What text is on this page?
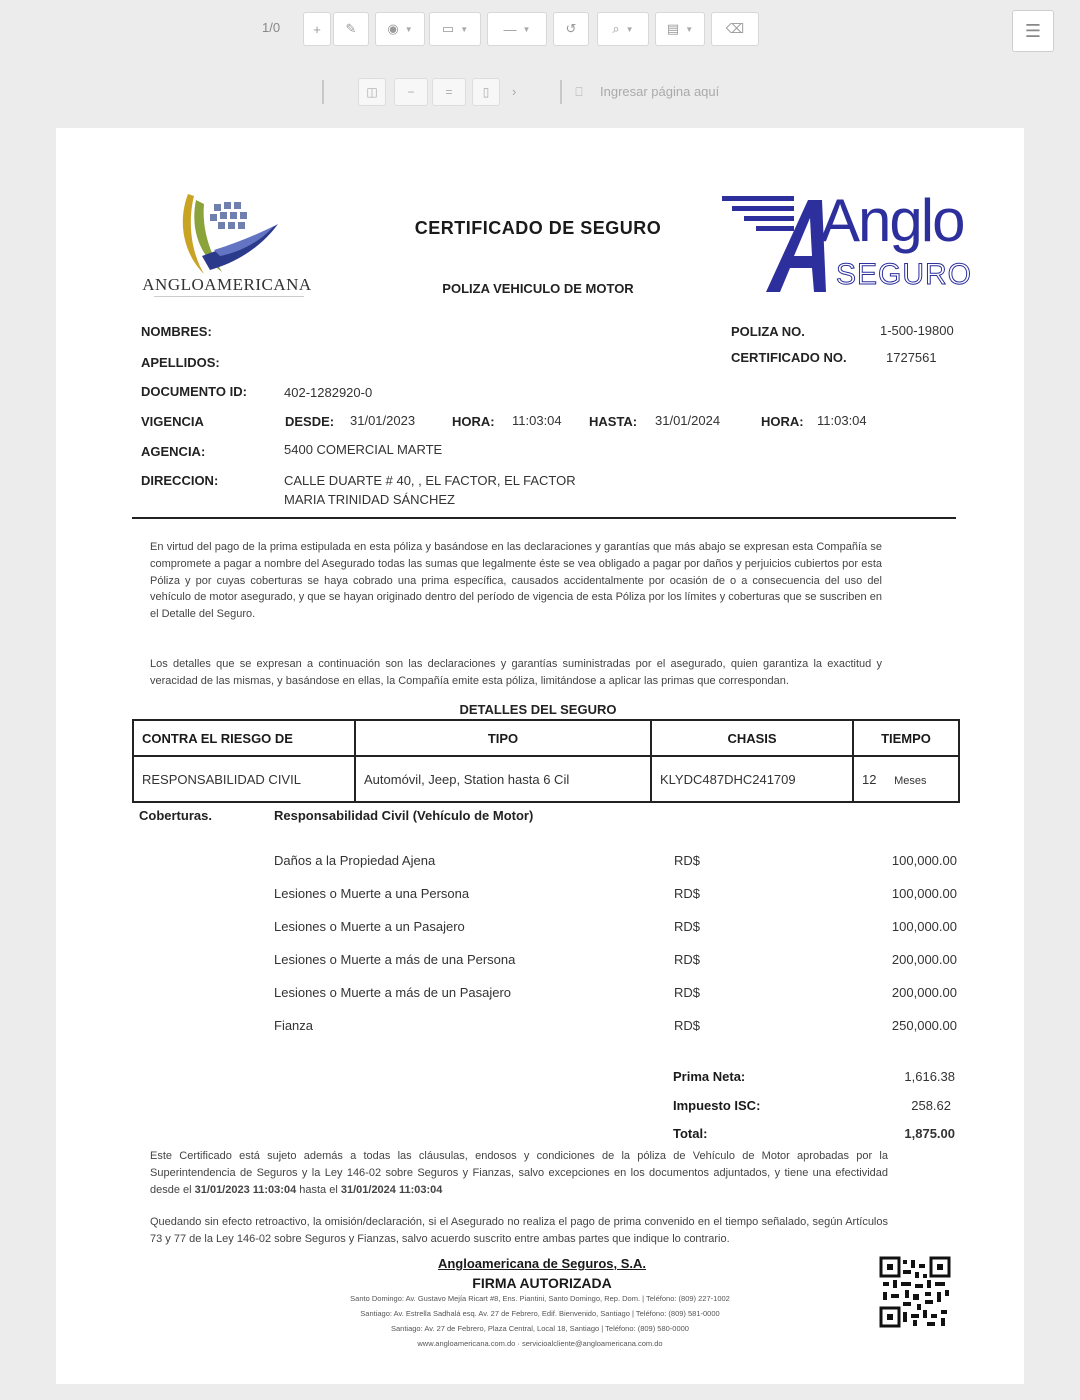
1/0	+ ✎ ◉ ▼ ▭ ▼	— ▼	↺	⌕ ▼	▤ ▼	⌫	☰
◫ −	=	▯ ›	⎕	Ingresar página aquí
ANGLOAMERICANA
CERTIFICADO DE SEGURO
POLIZA VEHICULO DE MOTOR
Anglo
SEGURO
NOMBRES:
APELLIDOS:
DOCUMENTO ID:	402-1282920-0
VIGENCIA	DESDE: 31/01/2023	HORA: 11:03:04 HASTA: 31/01/2024	HORA: 11:03:04
AGENCIA:	5400 COMERCIAL MARTE
DIRECCION:	CALLE DUARTE # 40, , EL FACTOR, EL FACTOR
MARIA TRINIDAD SÁNCHEZ
POLIZA NO.	1-500-19800
CERTIFICADO NO.	1727561
En virtud del pago de la prima estipulada en esta póliza y basándose en las declaraciones y garantías que más abajo se expresan esta Compañía se compromete a pagar a nombre del Asegurado todas las sumas que legalmente éste se vea obligado a pagar por daños y perjuicios cubiertos por esta Póliza y por cuyas coberturas se haya cobrado una prima específica, causados accidentalmente por ocasión de o a consecuencia del uso del vehículo de motor asegurado, y que se hayan originado dentro del período de vigencia de esta Póliza por los límites y coberturas que se suscriben en el Detalle del Seguro.
Los detalles que se expresan a continuación son las declaraciones y garantías suministradas por el asegurado, quien garantiza la exactitud y veracidad de las mismas, y basándose en ellas, la Compañía emite esta póliza, limitándose a aplicar las primas que correspondan.
DETALLES DEL SEGURO
CONTRA EL RIESGO DE	TIPO	CHASIS	TIEMPO
RESPONSABILIDAD CIVIL	Automóvil, Jeep, Station hasta 6 Cil	KLYDC487DHC241709	12 Meses
Coberturas.	Responsabilidad Civil (Vehículo de Motor)
Daños a la Propiedad Ajena	RD$	100,000.00
Lesiones o Muerte a una Persona	RD$	100,000.00
Lesiones o Muerte a un Pasajero	RD$	100,000.00
Lesiones o Muerte a más de una Persona	RD$	200,000.00
Lesiones o Muerte a más de un Pasajero	RD$	200,000.00
Fianza	RD$	250,000.00
Prima Neta:	1,616.38
Impuesto ISC:	258.62
Total:	1,875.00
Este Certificado está sujeto además a todas las cláusulas, endosos y condiciones de la póliza de Vehículo de Motor aprobadas por la Superintendencia de Seguros y la Ley 146-02 sobre Seguros y Fianzas, salvo excepciones en los documentos adjuntados, y tiene una efectividad desde el 31/01/2023 11:03:04 hasta el 31/01/2024 11:03:04
Quedando sin efecto retroactivo, la omisión/declaración, si el Asegurado no realiza el pago de prima convenido en el tiempo señalado, según Artículos 73 y 77 de la Ley 146-02 sobre Seguros y Fianzas, salvo acuerdo suscrito entre ambas partes que indique lo contrario.
Angloamericana de Seguros, S.A.
FIRMA AUTORIZADA
Santo Domingo: Av. Gustavo Mejía Ricart #8, Ens. Piantini, Santo Domingo, Rep. Dom. | Teléfono: (809) 227-1002
Santiago: Av. Estrella Sadhalá esq. Av. 27 de Febrero, Edif. Bienvenido, Santiago | Teléfono: (809) 581-0000
Santiago: Av. 27 de Febrero, Plaza Central, Local 18, Santiago | Teléfono: (809) 580-0000
www.angloamericana.com.do · servicioalcliente@angloamericana.com.do
